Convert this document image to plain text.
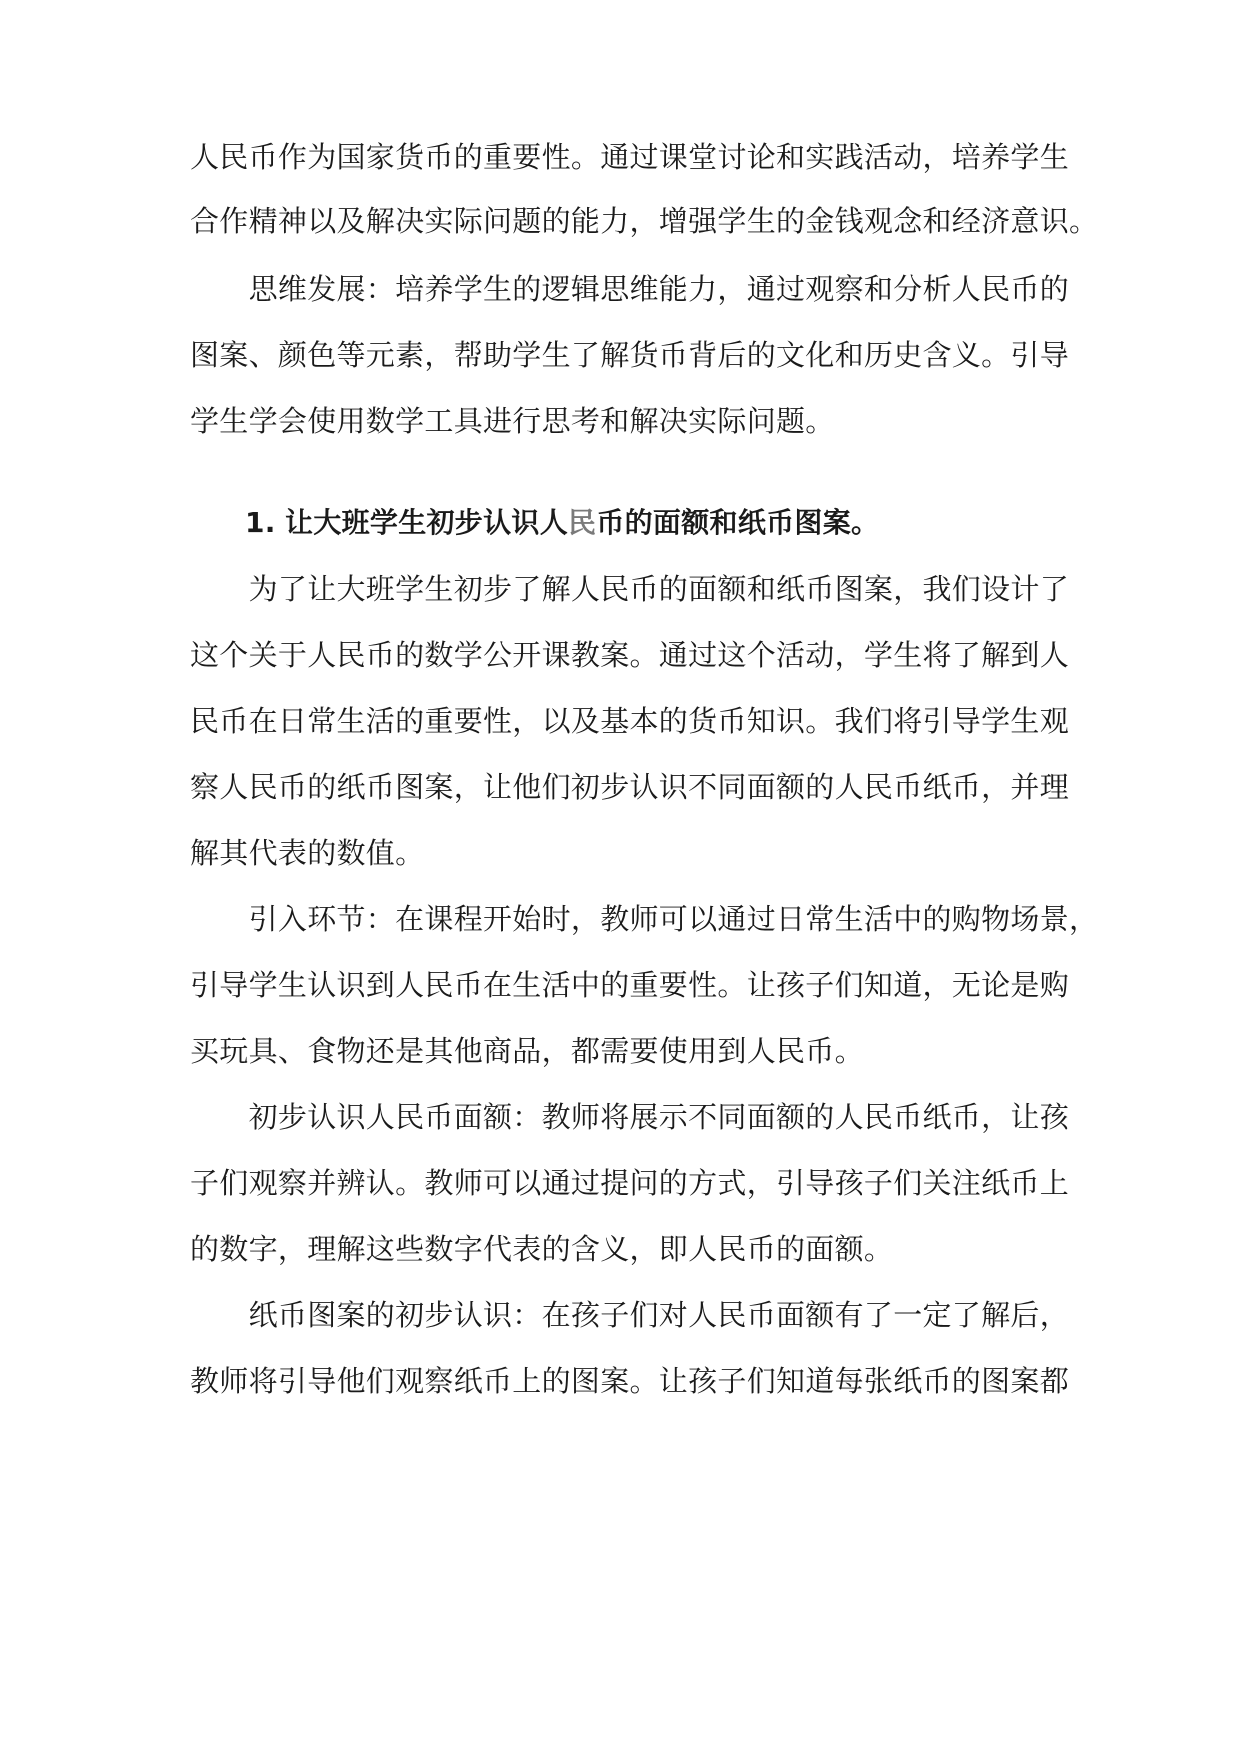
人民币作为国家货币的重要性。通过课堂讨论和实践活动，培养学生
合作精神以及解决实际问题的能力，增强学生的金钱观念和经济意识。
　　思维发展：培养学生的逻辑思维能力，通过观察和分析人民币的
图案、颜色等元素，帮助学生了解货币背后的文化和历史含义。引导
学生学会使用数学工具进行思考和解决实际问题。
1. 让大班学生初步认识人民币的面额和纸币图案。
　　为了让大班学生初步了解人民币的面额和纸币图案，我们设计了
这个关于人民币的数学公开课教案。通过这个活动，学生将了解到人
民币在日常生活的重要性，以及基本的货币知识。我们将引导学生观
察人民币的纸币图案，让他们初步认识不同面额的人民币纸币，并理
解其代表的数值。
　　引入环节：在课程开始时，教师可以通过日常生活中的购物场景，
引导学生认识到人民币在生活中的重要性。让孩子们知道，无论是购
买玩具、食物还是其他商品，都需要使用到人民币。
　　初步认识人民币面额：教师将展示不同面额的人民币纸币，让孩
子们观察并辨认。教师可以通过提问的方式，引导孩子们关注纸币上
的数字，理解这些数字代表的含义，即人民币的面额。
　　纸币图案的初步认识：在孩子们对人民币面额有了一定了解后，
教师将引导他们观察纸币上的图案。让孩子们知道每张纸币的图案都
